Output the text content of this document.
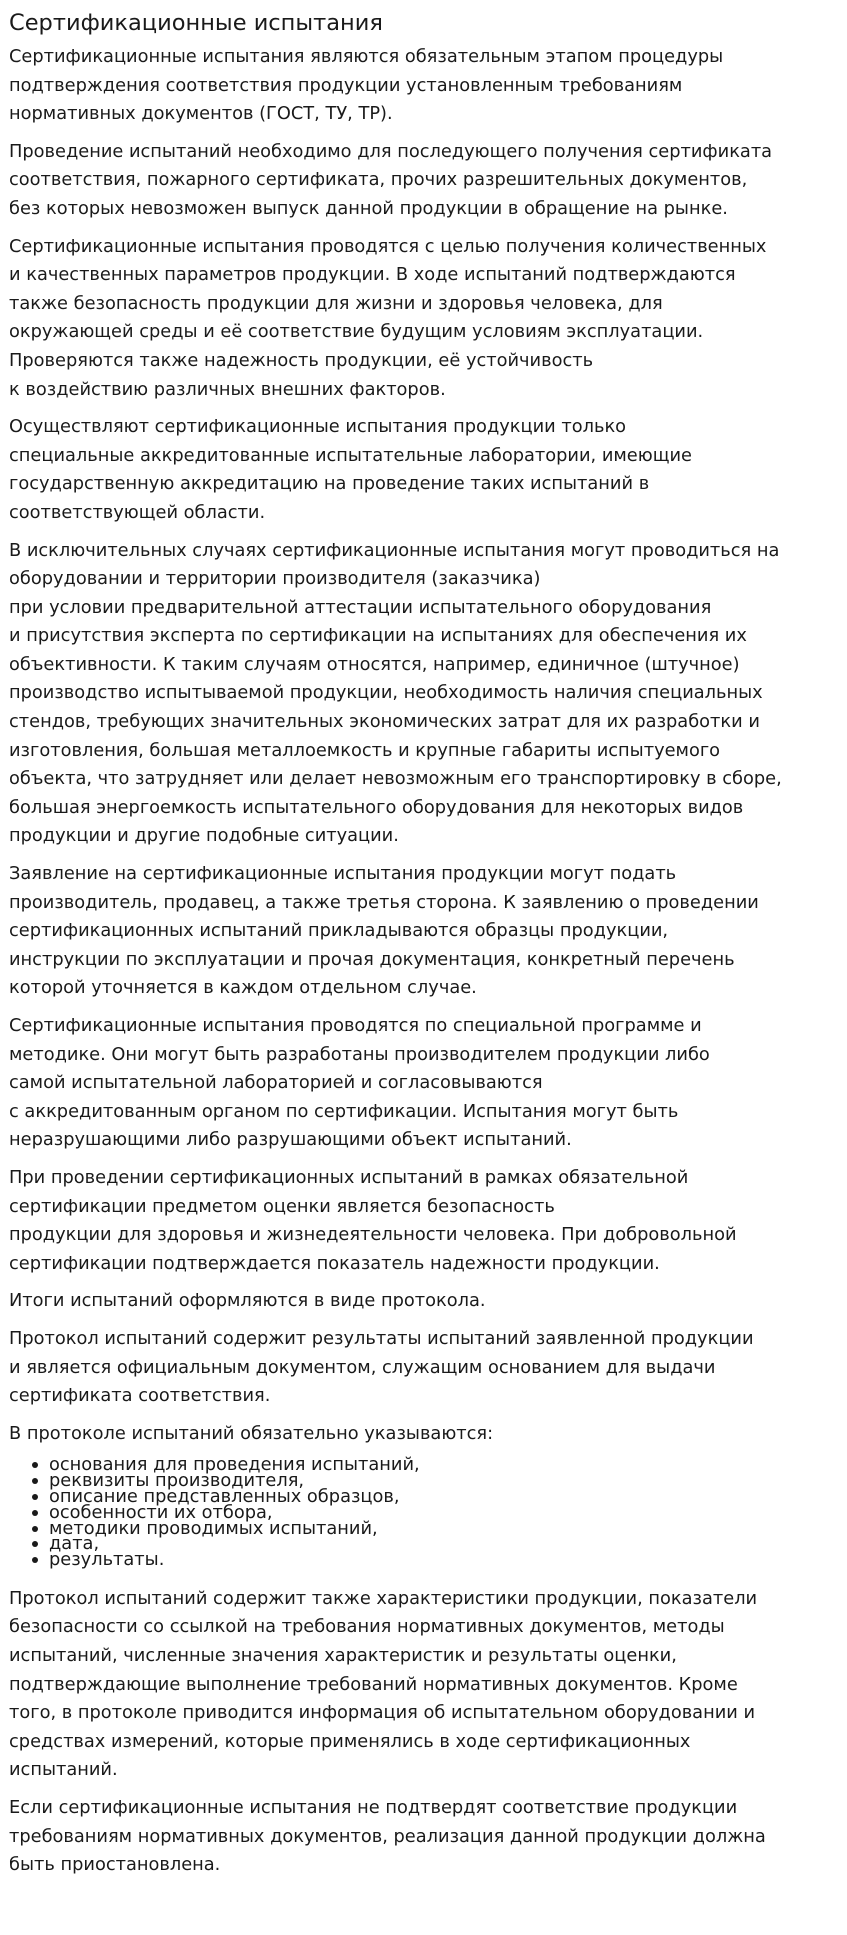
Сертификационные испытания

Сертификационные испытания являются обязательным этапом процедуры
подтверждения соответствия продукции установленным требованиям
нормативных документов (ГОСТ, ТУ, ТР).

Проведение испытаний необходимо для последующего получения сертификата
соответствия, пожарного сертификата, прочих разрешительных документов,
без которых невозможен выпуск данной продукции в обращение на рынке.

Сертификационные испытания проводятся с целью получения количественных
и качественных параметров продукции. В ходе испытаний подтверждаются
также безопасность продукции для жизни и здоровья человека, для
окружающей среды и её соответствие будущим условиям эксплуатации.
Проверяются также надежность продукции, её устойчивость
к воздействию различных внешних факторов.

Осуществляют сертификационные испытания продукции только
специальные аккредитованные испытательные лаборатории, имеющие
государственную аккредитацию на проведение таких испытаний в
соответствующей области.

В исключительных случаях сертификационные испытания могут проводиться на
оборудовании и территории производителя (заказчика)
при условии предварительной аттестации испытательного оборудования
и присутствия эксперта по сертификации на испытаниях для обеспечения их
объективности. К таким случаям относятся, например, единичное (штучное)
производство испытываемой продукции, необходимость наличия специальных
стендов, требующих значительных экономических затрат для их разработки и
изготовления, большая металлоемкость и крупные габариты испытуемого
объекта, что затрудняет или делает невозможным его транспортировку в сборе,
большая энергоемкость испытательного оборудования для некоторых видов
продукции и другие подобные ситуации.

Заявление на сертификационные испытания продукции могут подать
производитель, продавец, а также третья сторона. К заявлению о проведении
сертификационных испытаний прикладываются образцы продукции,
инструкции по эксплуатации и прочая документация, конкретный перечень
которой уточняется в каждом отдельном случае.

Сертификационные испытания проводятся по специальной программе и
методике. Они могут быть разработаны производителем продукции либо
самой испытательной лабораторией и согласовываются
с аккредитованным органом по сертификации. Испытания могут быть
неразрушающими либо разрушающими объект испытаний.

При проведении сертификационных испытаний в рамках обязательной
сертификации предметом оценки является безопасность
продукции для здоровья и жизнедеятельности человека. При добровольной
сертификации подтверждается показатель надежности продукции.

Итоги испытаний оформляются в виде протокола.

Протокол испытаний содержит результаты испытаний заявленной продукции
и является официальным документом, служащим основанием для выдачи
сертификата соответствия.

В протоколе испытаний обязательно указываются:

основания для проведения испытаний,
реквизиты производителя,
описание представленных образцов,
особенности их отбора,
методики проводимых испытаний,
дата,
результаты.

Протокол испытаний содержит также характеристики продукции, показатели
безопасности со ссылкой на требования нормативных документов, методы
испытаний, численные значения характеристик и результаты оценки,
подтверждающие выполнение требований нормативных документов. Кроме
того, в протоколе приводится информация об испытательном оборудовании и
средствах измерений, которые применялись в ходе сертификационных
испытаний.

Если сертификационные испытания не подтвердят соответствие продукции
требованиям нормативных документов, реализация данной продукции должна
быть приостановлена.
